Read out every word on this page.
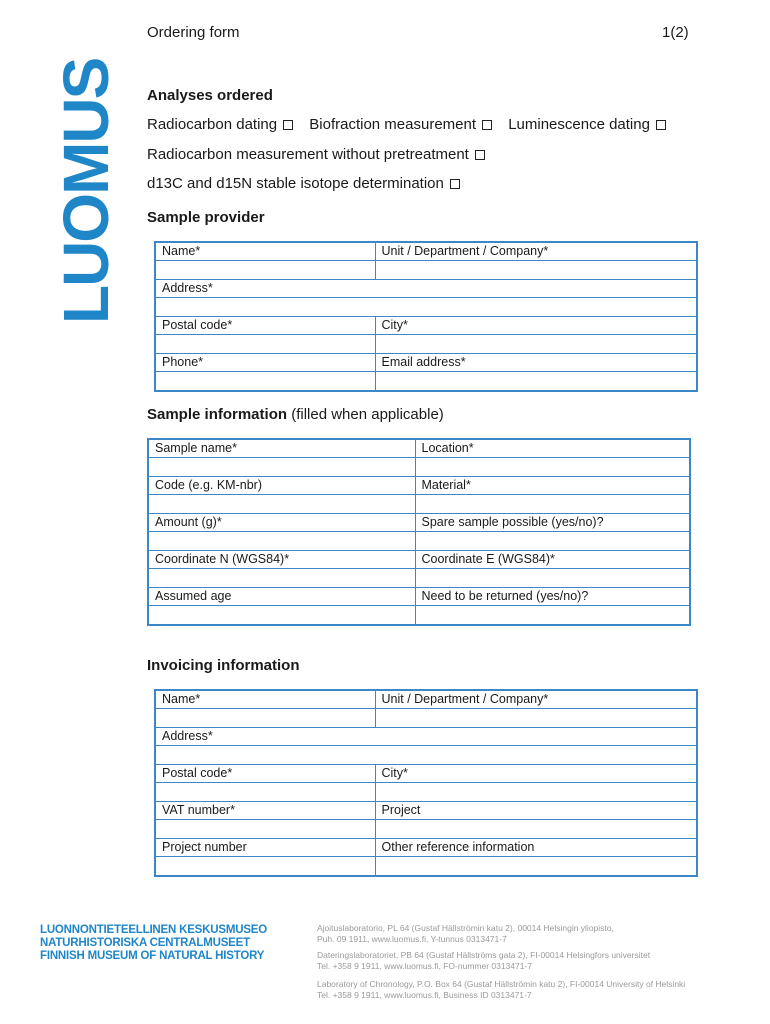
LUOMUS
Ordering form	1(2)
Analyses ordered
Radiocarbon dating
Biofraction measurement
Luminescence dating
Radiocarbon measurement without pretreatment
d13C and d15N stable isotope determination
Sample provider
Name*	Unit / Department / Company*

Address*	

Postal code*	City*

Phone*	Email address*
Sample information (filled when applicable)
Sample name*	Location*

Code (e.g. KM-nbr)	Material*

Amount (g)*	Spare sample possible (yes/no)?

Coordinate N (WGS84)*	Coordinate E (WGS84)*

Assumed age	Need to be returned (yes/no)?
Invoicing information
Name*	Unit / Department / Company*

Address*	

Postal code*	City*

VAT number*	Project

Project number	Other reference information
LUONNONTIETEELLINEN KESKUSMUSEO
NATURHISTORISKA CENTRALMUSEET
FINNISH MUSEUM OF NATURAL HISTORY
Ajoituslaboratorio, PL 64 (Gustaf Hällströmin katu 2), 00014 Helsingin yliopisto,
Puh. 09 1911, www.luomus.fi, Y-tunnus 0313471-7
Dateringslaboratoriet, PB 64 (Gustaf Hällströms gata 2), FI-00014 Helsingfors universitet
Tel. +358 9 1911, www.luomus.fi, FO-nummer 0313471-7
Laboratory of Chronology, P.O. Box 64 (Gustaf Hällströmin katu 2), FI-00014 University of Helsinki
Tel. +358 9 1911, www.luomus.fi, Business ID 0313471-7
